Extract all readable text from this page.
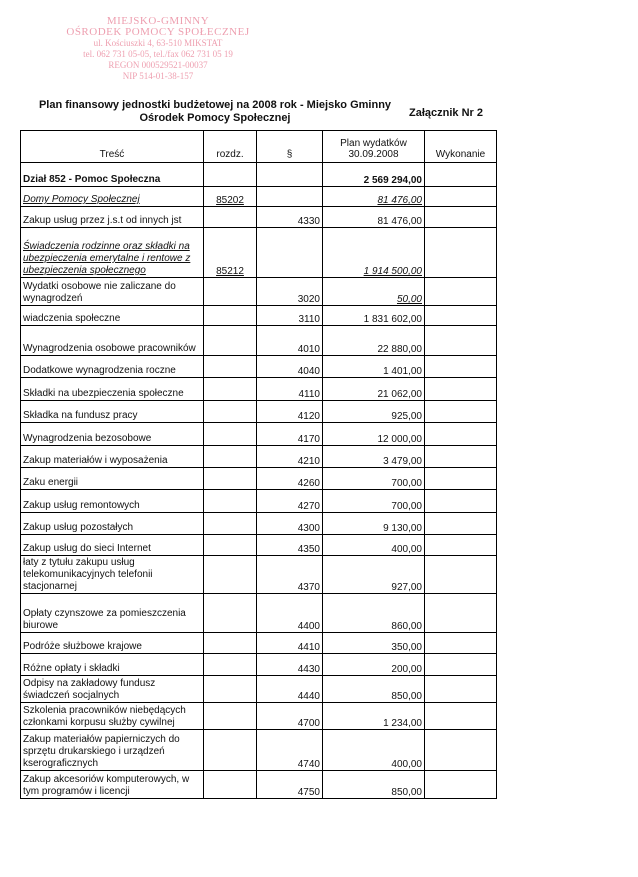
MIEJSKO-GMINNY
OŚRODEK POMOCY SPOŁECZNEJ
ul. Kościuszki 4, 63-510 MIKSTAT
tel. 062 731 05-05, tel./fax 062 731 05 19
REGON 000529521-00037
NIP 514-01-38-157
Plan finansowy jednostki budżetowej na 2008 rok - Miejsko Gminny Ośrodek Pomocy Społecznej	Załącznik Nr 2
Treść	rozdz.	§	Plan wydatków 30.09.2008	Wykonanie
Dział 852 - Pomoc Społeczna			2 569 294,00	
Domy Pomocy Społecznej	85202		81 476,00	
Zakup usług przez j.s.t od innych jst		4330	81 476,00	
Świadczenia rodzinne oraz składki na ubezpieczenia emerytalne i rentowe z ubezpieczenia społecznego	85212		1 914 500,00	
Wydatki osobowe nie zaliczane do wynagrodzeń		3020	50,00	
wiadczenia społeczne		3110	1 831 602,00	
Wynagrodzenia osobowe pracowników		4010	22 880,00	
Dodatkowe wynagrodzenia roczne		4040	1 401,00	
Składki na ubezpieczenia społeczne		4110	21 062,00	
Składka na fundusz pracy		4120	925,00	
Wynagrodzenia bezosobowe		4170	12 000,00	
Zakup materiałów i wyposażenia		4210	3 479,00	
Zaku energii		4260	700,00	
Zakup usług remontowych		4270	700,00	
Zakup usług pozostałych		4300	9 130,00	
Zakup usług do sieci Internet		4350	400,00	
łaty z tytułu zakupu usług telekomunikacyjnych telefonii stacjonarnej		4370	927,00	
Opłaty czynszowe za pomieszczenia biurowe		4400	860,00	
Podróże służbowe krajowe		4410	350,00	
Różne opłaty i składki		4430	200,00	
Odpisy na zakładowy fundusz świadczeń socjalnych		4440	850,00	
Szkolenia pracowników niebędących członkami korpusu służby cywilnej		4700	1 234,00	
Zakup materiałów papierniczych do sprzętu drukarskiego i urządzeń kserograficznych		4740	400,00	
Zakup akcesoriów komputerowych, w tym programów i licencji		4750	850,00	
